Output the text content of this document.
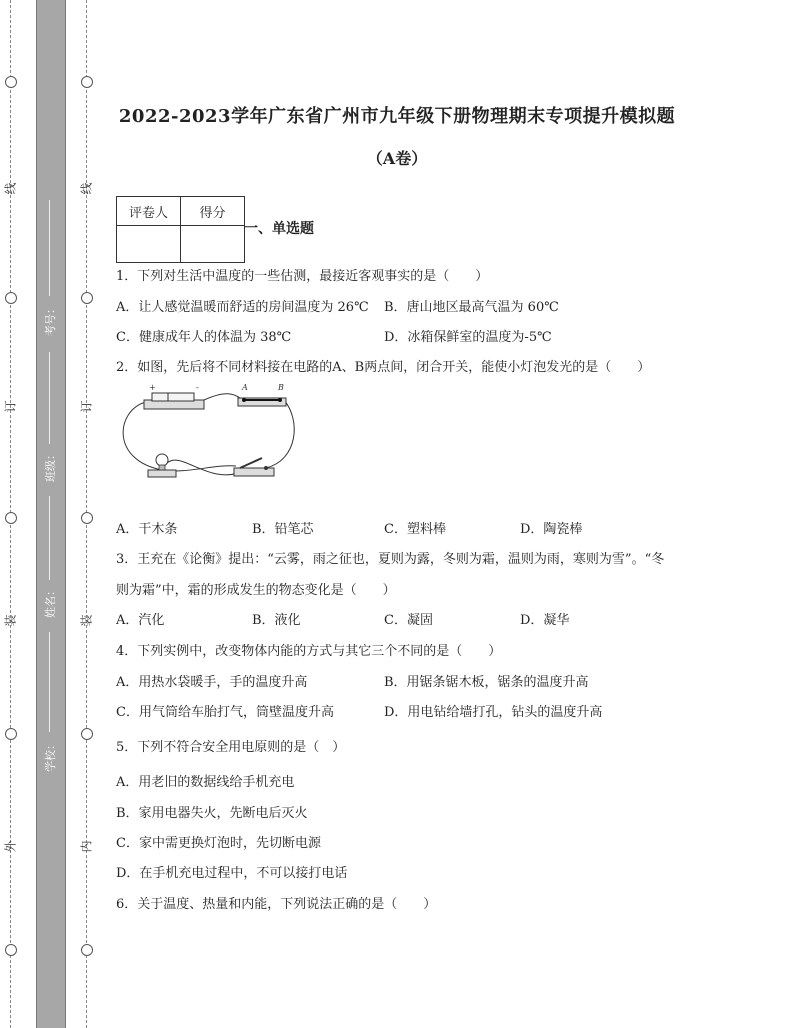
线
订
装
外
线
订
装
内
考号：
班级：
姓名：
学校：
2022-2023学年广东省广州市九年级下册物理期末专项提升模拟题
（A卷）
评卷人	得分

一、单选题
1．下列对生活中温度的一些估测，最接近客观事实的是（　　）
A．让人感觉温暖而舒适的房间温度为 26℃ B．唐山地区最高气温为 60℃
C．健康成年人的体温为 38℃	D．冰箱保鲜室的温度为-5℃
2．如图，先后将不同材料接在电路的A、B两点间，闭合开关，能使小灯泡发光的是（　　）
+	-	A	B
A．干木条	B．铅笔芯	C．塑料棒	D．陶瓷棒
3．王充在《论衡》提出：“云雾，雨之征也，夏则为露，冬则为霜，温则为雨，寒则为雪”。“冬
则为霜”中，霜的形成发生的物态变化是（　　）
A．汽化	B．液化	C．凝固	D．凝华
4．下列实例中，改变物体内能的方式与其它三个不同的是（　　）
A．用热水袋暖手，手的温度升高	B．用锯条锯木板，锯条的温度升高
C．用气筒给车胎打气，筒壁温度升高	D．用电钻给墙打孔，钻头的温度升高
5．下列不符合安全用电原则的是（　）
A．用老旧的数据线给手机充电
B．家用电器失火，先断电后灭火
C．家中需更换灯泡时，先切断电源
D．在手机充电过程中，不可以接打电话
6．关于温度、热量和内能，下列说法正确的是（　　）
